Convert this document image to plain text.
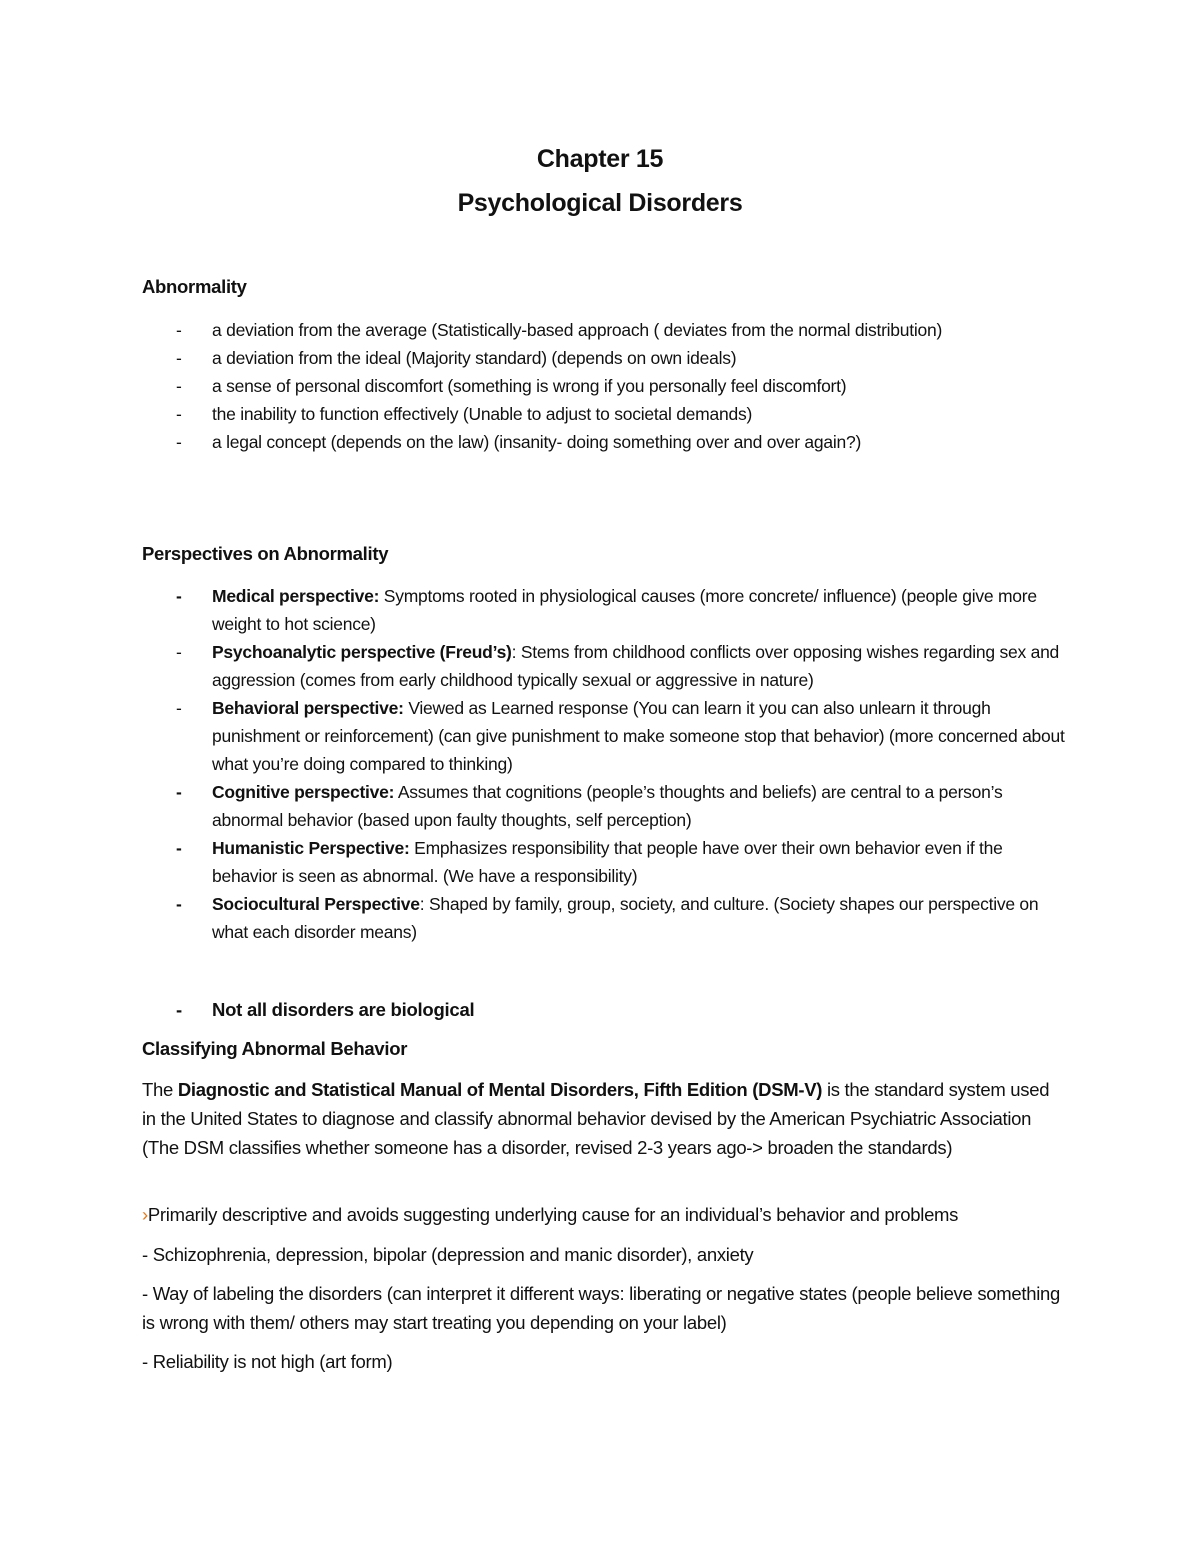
Chapter 15
Psychological Disorders
Abnormality
- a deviation from the average (Statistically-based approach ( deviates from the normal distribution)
- a deviation from the ideal (Majority standard) (depends on own ideals)
- a sense of personal discomfort (something is wrong if you personally feel discomfort)
- the inability to function effectively (Unable to adjust to societal demands)
- a legal concept (depends on the law) (insanity- doing something over and over again?)
Perspectives on Abnormality
- Medical perspective: Symptoms rooted in physiological causes (more concrete/ influence) (people give more weight to hot science)
- Psychoanalytic perspective (Freud’s): Stems from childhood conflicts over opposing wishes regarding sex and aggression (comes from early childhood typically sexual or aggressive in nature)
- Behavioral perspective: Viewed as Learned response (You can learn it you can also unlearn it through punishment or reinforcement) (can give punishment to make someone stop that behavior) (more concerned about what you’re doing compared to thinking)
- Cognitive perspective: Assumes that cognitions (people’s thoughts and beliefs) are central to a person’s abnormal behavior (based upon faulty thoughts, self perception)
- Humanistic Perspective: Emphasizes responsibility that people have over their own behavior even if the behavior is seen as abnormal. (We have a responsibility)
- Sociocultural Perspective: Shaped by family, group, society, and culture. (Society shapes our perspective on what each disorder means)
- Not all disorders are biological
Classifying Abnormal Behavior

The Diagnostic and Statistical Manual of Mental Disorders, Fifth Edition (DSM-V) is the standard system used in the United States to diagnose and classify abnormal behavior devised by the American Psychiatric Association (The DSM classifies whether someone has a disorder, revised 2-3 years ago-> broaden the standards)

›Primarily descriptive and avoids suggesting underlying cause for an individual’s behavior and problems

- Schizophrenia, depression, bipolar (depression and manic disorder), anxiety

- Way of labeling the disorders (can interpret it different ways: liberating or negative states (people believe something is wrong with them/ others may start treating you depending on your label)

- Reliability is not high (art form)
